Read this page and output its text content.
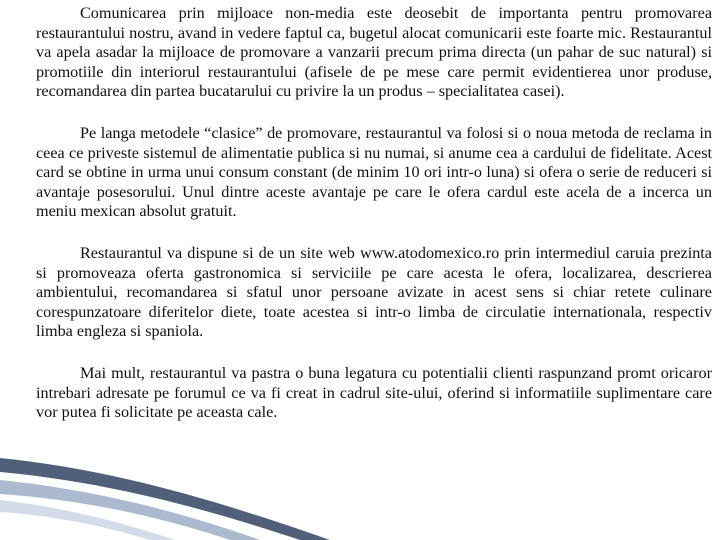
Comunicarea prin mijloace non-media este deosebit de importanta pentru promovarea restaurantului nostru, avand in vedere faptul ca, bugetul alocat comunicarii este foarte mic. Restaurantul va apela asadar la mijloace de promovare a vanzarii precum prima directa (un pahar de suc natural) si promotiile din interiorul restaurantului (afisele de pe mese care permit evidentierea unor produse, recomandarea din partea bucatarului cu privire la un produs – specialitatea casei).

Pe langa metodele “clasice” de promovare, restaurantul va folosi si o noua metoda de reclama in ceea ce priveste sistemul de alimentatie publica si nu numai, si anume cea a cardului de fidelitate. Acest card se obtine in urma unui consum constant (de minim 10 ori intr-o luna) si ofera o serie de reduceri si avantaje posesorului. Unul dintre aceste avantaje pe care le ofera cardul este acela de a incerca un meniu mexican absolut gratuit.

Restaurantul va dispune si de un site web www.atodomexico.ro prin intermediul caruia prezinta si promoveaza oferta gastronomica si serviciile pe care acesta le ofera, localizarea, descrierea ambientului, recomandarea si sfatul unor persoane avizate in acest sens si chiar retete culinare corespunzatoare diferitelor diete, toate acestea si intr-o limba de circulatie internationala, respectiv limba engleza si spaniola.

Mai mult, restaurantul va pastra o buna legatura cu potentialii clienti raspunzand promt oricaror intrebari adresate pe forumul ce va fi creat in cadrul site-ului, oferind si informatiile suplimentare care vor putea fi solicitate pe aceasta cale.
